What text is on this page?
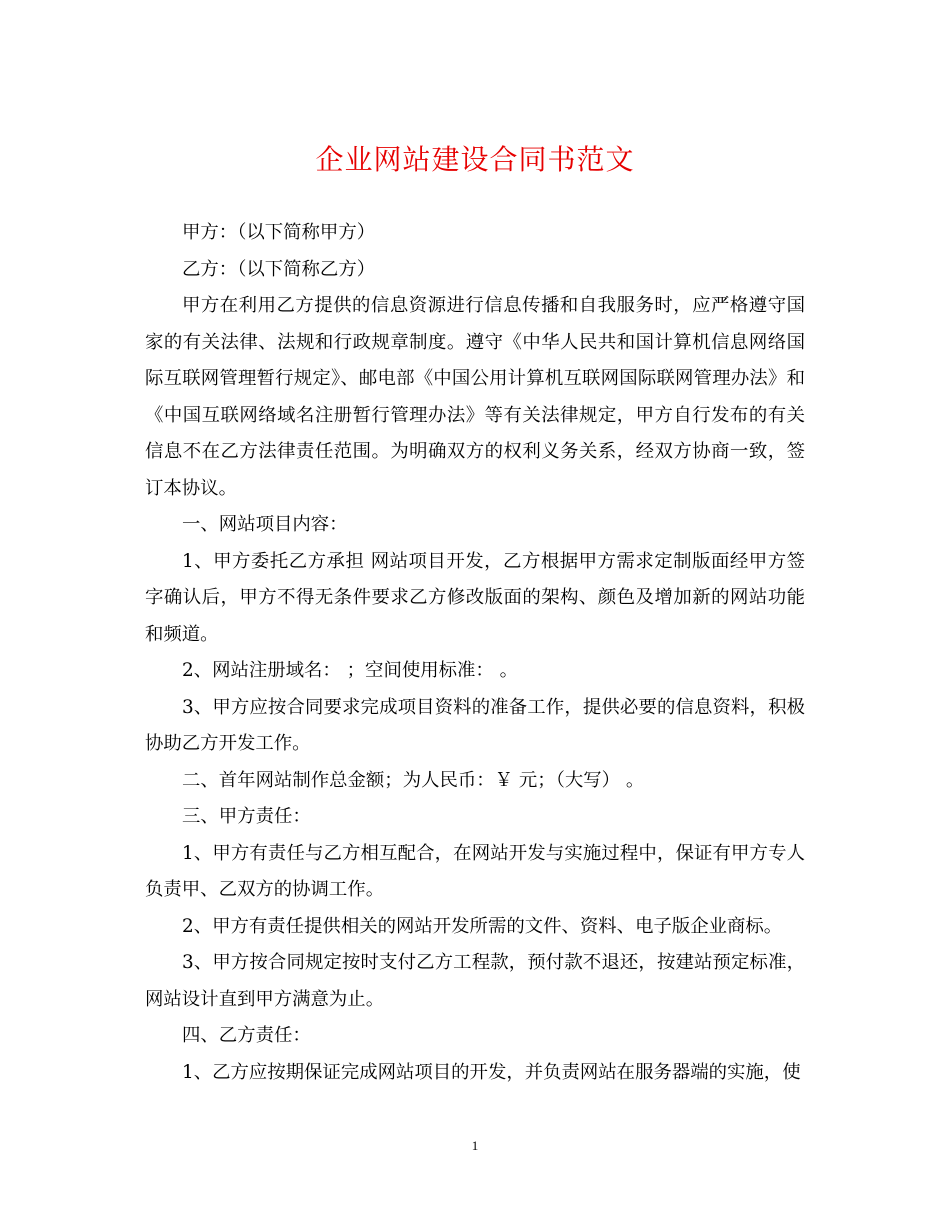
企业网站建设合同书范文

甲方：（以下简称甲方）

乙方：（以下简称乙方）

甲方在利用乙方提供的信息资源进行信息传播和自我服务时，应严格遵守国家的有关法律、法规和行政规章制度。遵守《中华人民共和国计算机信息网络国际互联网管理暂行规定》、邮电部《中国公用计算机互联网国际联网管理办法》和《中国互联网络域名注册暂行管理办法》等有关法律规定，甲方自行发布的有关信息不在乙方法律责任范围。为明确双方的权利义务关系，经双方协商一致，签订本协议。

一、网站项目内容：

1、甲方委托乙方承担 网站项目开发，乙方根据甲方需求定制版面经甲方签字确认后，甲方不得无条件要求乙方修改版面的架构、颜色及增加新的网站功能和频道。

2、网站注册域名： ；空间使用标准： 。

3、甲方应按合同要求完成项目资料的准备工作，提供必要的信息资料，积极协助乙方开发工作。

二、首年网站制作总金额；为人民币：￥ 元；（大写） 。

三、甲方责任：

1、甲方有责任与乙方相互配合，在网站开发与实施过程中，保证有甲方专人负责甲、乙双方的协调工作。

2、甲方有责任提供相关的网站开发所需的文件、资料、电子版企业商标。

3、甲方按合同规定按时支付乙方工程款，预付款不退还，按建站预定标准，网站设计直到甲方满意为止。

四、乙方责任：

1、乙方应按期保证完成网站项目的开发，并负责网站在服务器端的实施，使

1
